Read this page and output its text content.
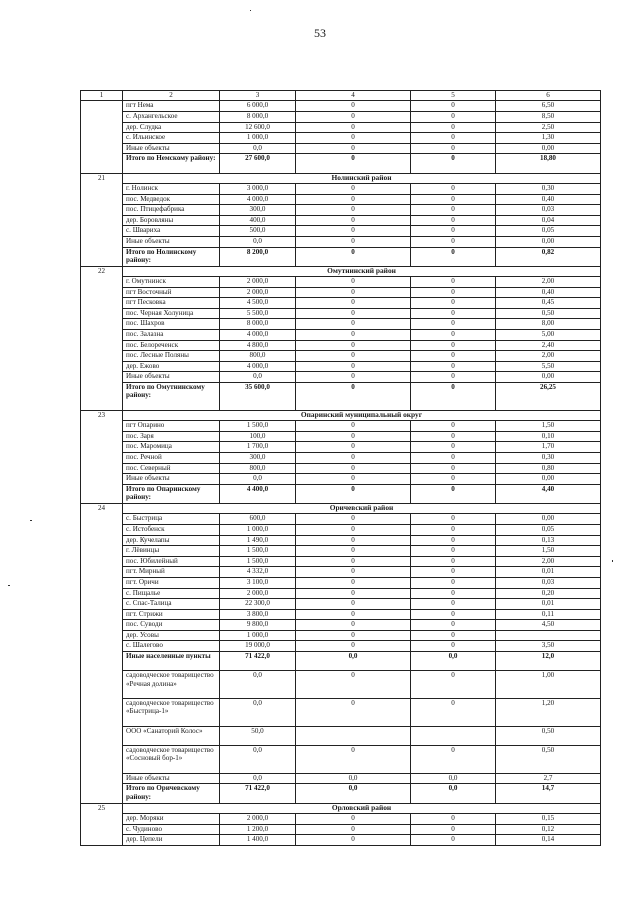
53
1	2	3	4	5	6
	пгт Нема	6 000,0	0	0	6,50
	с. Архангельское	8 000,0	0	0	8,50
	дер. Слудка	12 600,0	0	0	2,50
	с. Ильинское	1 000,0	0	0	1,30
	Иные объекты	0,0	0	0	0,00
	Итого по Немскому району:	27 600,0	0	0	18,80
21	Нолинский район				
	г. Нолинск	3 000,0	0	0	0,30
	пос. Медведок	4 000,0	0	0	0,40
	пос. Птицефабрика	300,0	0	0	0,03
	дер. Боровляны	400,0	0	0	0,04
	с. Шварихa	500,0	0	0	0,05
	Иные объекты	0,0	0	0	0,00
	Итого по Нолинскому району:	8 200,0	0	0	0,82
22	Омутнинский район				
	г. Омутнинск	2 000,0	0	0	2,00
	пгт Восточный	2 000,0	0	0	0,40
	пгт Песковка	4 500,0	0	0	0,45
	пос. Черная Холуница	5 500,0	0	0	0,50
	пос. Шахров	8 000,0	0	0	8,00
	пос. Залазна	4 000,0	0	0	5,00
	пос. Белореченск	4 800,0	0	0	2,40
	пос. Лесные Поляны	800,0	0	0	2,00
	дер. Ежово	4 000,0	0	0	5,50
	Иные объекты	0,0	0	0	0,00
	Итого по Омутнинскому району:	35 600,0	0	0	26,25
23	Опаринский муниципальный округ				
	пгт Опарино	1 500,0	0	0	1,50
	пос. Заря	100,0	0	0	0,10
	пос. Маромица	1 700,0	0	0	1,70
	пос. Речной	300,0	0	0	0,30
	пос. Северный	800,0	0	0	0,80
	Иные объекты	0,0	0	0	0,00
	Итого по Опаринскому району:	4 400,0	0	0	4,40
24	Оричевский район				
	с. Быстрица	600,0	0	0	0,00
	с. Истобенск	1 000,0	0	0	0,05
	дер. Кучелапы	1 490,0	0	0	0,13
	г. Лёвинцы	1 500,0	0	0	1,50
	пос. Юбилейный	1 500,0	0	0	2,00
	пгт. Мирный	4 332,0	0	0	0,01
	пгт. Оричи	3 100,0	0	0	0,03
	с. Пищалье	2 000,0	0	0	0,20
	с. Спас-Талица	22 300,0	0	0	0,01
	пгт. Стрижи	3 800,0	0	0	0,11
	пос. Суводи	9 800,0	0	0	4,50
	дер. Усовы	1 000,0	0	0	
	с. Шалегово	19 000,0	0	0	3,50
	Иные населенные пункты	71 422,0	0,0	0,0	12,0
	садоводческое товарищество «Речная долина»	0,0	0	0	1,00
	садоводческое товарищество «Быстрица-1»	0,0	0	0	1,20
	ООО «Санаторий Колос»	50,0			0,50
	садоводческое товарищество «Сосновый бор-1»	0,0	0	0	0,50
	Иные объекты	0,0	0,0	0,0	2,7
	Итого по Оричевскому району:	71 422,0	0,0	0,0	14,7
25	Орловский район				
	дер. Моряки	2 000,0	0	0	0,15
	с. Чудиново	1 200,0	0	0	0,12
	дер. Цепели	1 400,0	0	0	0,14
